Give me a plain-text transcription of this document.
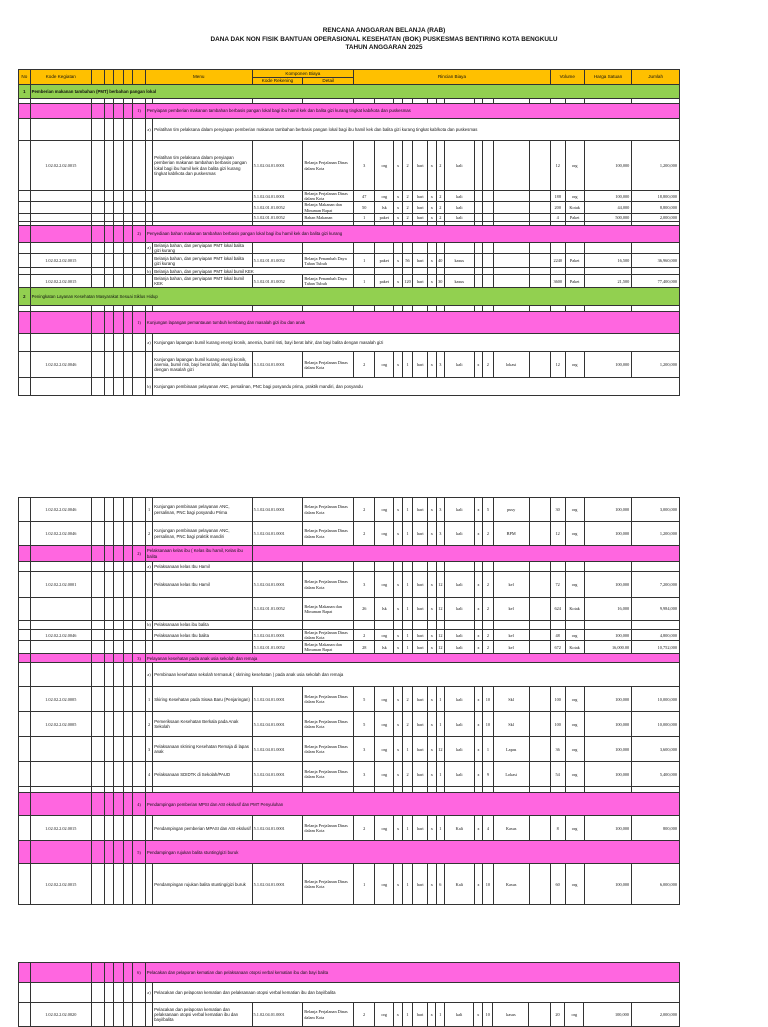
RENCANA ANGGARAN BELANJA (RAB)
DANA DAK NON FISIK BANTUAN OPERASIONAL KESEHATAN (BOK) PUSKESMAS BENTIRING KOTA BENGKULU
TAHUN ANGGARAN 2025
No	Kode Kegiatan						Menu		Komponen Biaya		Rincian Biaya												Volume		Harga Satuan	Jumlah
									Kode Rekening	Detail																
1	Pemberian makanan tambahan (PMT) berbahan pangan lokal																									

						1)	Penyiapan pemberian makanan tambahan berbasis pangan lokal bagi ibu hamil kek dan balita gizi kurang tingkat kab/kota dan puskesmas																			
							a)	Pelatihan tim pelaksana dalam penyiapan pemberian makanan tambahan berbasis pangan lokal bagi ibu hamil kek dan balita gizi kurang tingkat kab/kota dan puskesmas																		
	1.02.02.2.02.0015							Pelatihan tim pelaksana dalam penyiapan pemberian makanan tambahan berbasis pangan lokal bagi ibu hamil kek dan balita gizi kurang tingkat kab/kota dan puskesmas	5.1.02.04.01.0001	Belanja Perjalanan Dinas dalam Kota	3	org	x	2	hari	x	2	kali					12	org	100,000	1,200,000
									5.1.02.04.01.0001	Belanja Perjalanan Dinas dalam Kota	47	org	x	2	hari	x	2	kali					188	org	100,000	18,800,000
									5.1.02.01.01.0052	Belanja Makanan dan Minuman Rapat	50	lsk	x	2	hari	x	2	kali					200	Kotak	44,000	8,800,000
									5.1.02.01.01.0052	Bahan Makanan	1	paket	x	2	hari	x	2	kali					4	Paket	500,000	2,000,000

						2)	Penyediaan bahan makanan tambahan berbasis pangan lokal bagi ibu hamil kek dan balita gizi kurang																			
							a)	Belanja bahan, dan penyiapan PMT lokal balita gizi kurang																		
	1.02.02.2.02.0015							Belanja bahan, dan penyiapan PMT lokal balita gizi kurang	5.1.02.01.01.0052	Belanja Penambah Daya Tahan Tubuh	1	paket	x	56	hari	x	40	kasus					2240	Paket	16,500	36,960,000
							b)	Belanja bahan, dan penyiapan PMT lokal bumil KEK																		
	1.02.02.2.02.0015							Belanja bahan, dan penyiapan PMT lokal bumil KEK	5.1.02.01.01.0052	Belanja Penambah Daya Tahan Tubuh	1	paket	x	120	hari	x	30	kasus					3600	Paket	21,500	77,400,000
2	Peningkatan Layanan Kesehatan Masyarakat Sesuai Siklus Hidup																									

						1)	Kunjungan lapangan pemantauan tumbuh kembang dan masalah gizi ibu dan anak																			
							a)	Kunjungan lapangan bumil kurang energi kronik, anemia, bumil risti, bayi berat lahir, dan bayi balita dengan masalah gizi																		
	1.02.02.2.02.0046							Kunjungan lapangan bumil kurang energi kronik, anemia, bumil risti, bayi berat lahir, dan bayi balita dengan masalah gizi	5.1.02.04.01.0001	Belanja Perjalanan Dinas dalam Kota	2	org	x	1	hari	x	3	kali	x	2	lokasi		12	org	100,000	1,200,000
							b)	Kunjungan pembinaan pelayanan ANC, persalinan, PNC bagi posyandu prima, praktik mandiri, dan posyandu																		
	1.02.02.2.02.0046						1	Kunjungan pembinaan pelayanan ANC, persalinan, PNC bagi posyandu Prima	5.1.02.04.01.0001	Belanja Perjalanan Dinas dalam Kota	2	org	x	1	hari	x	3	kali	x	5	pusy		30	org	100,000	3,000,000
	1.02.02.2.02.0046						2	Kunjungan pembinaan pelayanan ANC, persalinan, PNC bagi praktik mandiri	5.1.02.04.01.0001	Belanja Perjalanan Dinas dalam Kota	2	org	x	1	hari	x	3	kali	x	2	BPM		12	org	100,000	1,200,000
						2)	Pelaksanaan kelas ibu ( Kelas ibu hamil, Kelas ibu balita																			
							a)	Pelaksanaan kelas Ibu Hamil																		
	1.02.02.2.02.0001							Pelaksanaan kelas Ibu Hamil	5.1.02.04.01.0001	Belanja Perjalanan Dinas dalam Kota	3	org	x	1	hari	x	12	kali	x	2	kel		72	org	100,000	7,200,000
									5.1.02.01.01.0052	Belanja Makanan dan Minuman Rapat	26	lsk	x	1	hari	x	12	kali	x	2	kel		624	Kotak	16,000	9,984,000
							b)	Pelaksanaan kelas ibu balita																		
	1.02.02.2.02.0046							Pelaksanaan kelas Ibu balita	5.1.02.04.01.0001	Belanja Perjalanan Dinas dalam Kota	2	org	x	1	hari	x	12	kali	x	2	kel		48	org	100,000	4,800,000
									5.1.02.01.01.0052	Belanja Makanan dan Minuman Rapat	28	lsk	x	1	hari	x	12	kali	x	2	kel		672	Kotak	16,000.00	10,752,000
						3)	Pelayanan kesehatan pada anak usia sekolah dan remaja																			
							a)	Pembinaan kesehatan sekolah termasuk ( skrining kesehatan ) pada anak usia sekolah dan remaja																		
	1.02.02.2.02.0005						1	Skiring Kesehatan pada Siswa Baru (Penjaringan)	5.1.02.04.01.0001	Belanja Perjalanan Dinas dalam Kota	5	org	x	2	hari	x	1	kali	x	10	Skl		100	org	100,000	10,000,000
	1.02.02.2.02.0005						2	Pemeriksaan Kesehatan Berkala pada Anak Sekolah	5.1.02.04.01.0001	Belanja Perjalanan Dinas dalam Kota	5	org	x	2	hari	x	1	kali	x	10	Skl		100	org	100,000	10,000,000
							3	Pelaksanaan skrining Kesehatan Remaja di lapas anak	5.1.02.04.01.0001	Belanja Perjalanan Dinas dalam Kota	3	org	x	1	hari	x	12	kali	x	1	Lapas		36	org	100,000	3,600,000
							4	Pelaksanaan SDIDTK di Sekolah/PAUD	5.1.02.04.01.0001	Belanja Perjalanan Dinas dalam Kota	3	org	x	2	hari	x	1	kali	x	9	Lokasi		54	org	100,000	5,400,000

						4)	Pendampingan pemberian MPSI dan ASI ekslusif dan PMT Penyuluhan																			
	1.02.02.2.02.0015							Pendampingan pemberian MPASI dan ASI ekslusif	5.1.02.04.01.0001	Belanja Perjalanan Dinas dalam Kota	2	org	x	1	hari	x	1	Kali	x	4	Kasus		8	org	100,000	800,000
						5)	Pendampingan rujukan balita stunting/gizi buruk																			
	1.02.02.2.02.0015							Pendampingan rujukan balita stunting/gizi buruk	5.1.02.04.01.0001	Belanja Perjalanan Dinas dalam Kota	1	org	x	1	hari	x	6	Kali	x	10	Kasus		60	org	100,000	6,000,000
						6)	Pelacakan dan pelaporan kematian dan pelaksanaan otopsi verbal kematian ibu dan bayi balita																			
							a)	Pelacakan dan pelaporan kematian dan pelaksanaan otopsi verbal kematian ibu dan bayi/balita																		
	1.02.02.2.02.0020							Pelacakan dan pelaporan kematian dan pelaksanaan otopsi verbal kematian ibu dan bayi/balita	5.1.02.04.01.0001	Belanja Perjalanan Dinas dalam Kota	2	org	x	1	hari	x	1	kali	x	10	kasus		20	org	100,000	2,000,000
